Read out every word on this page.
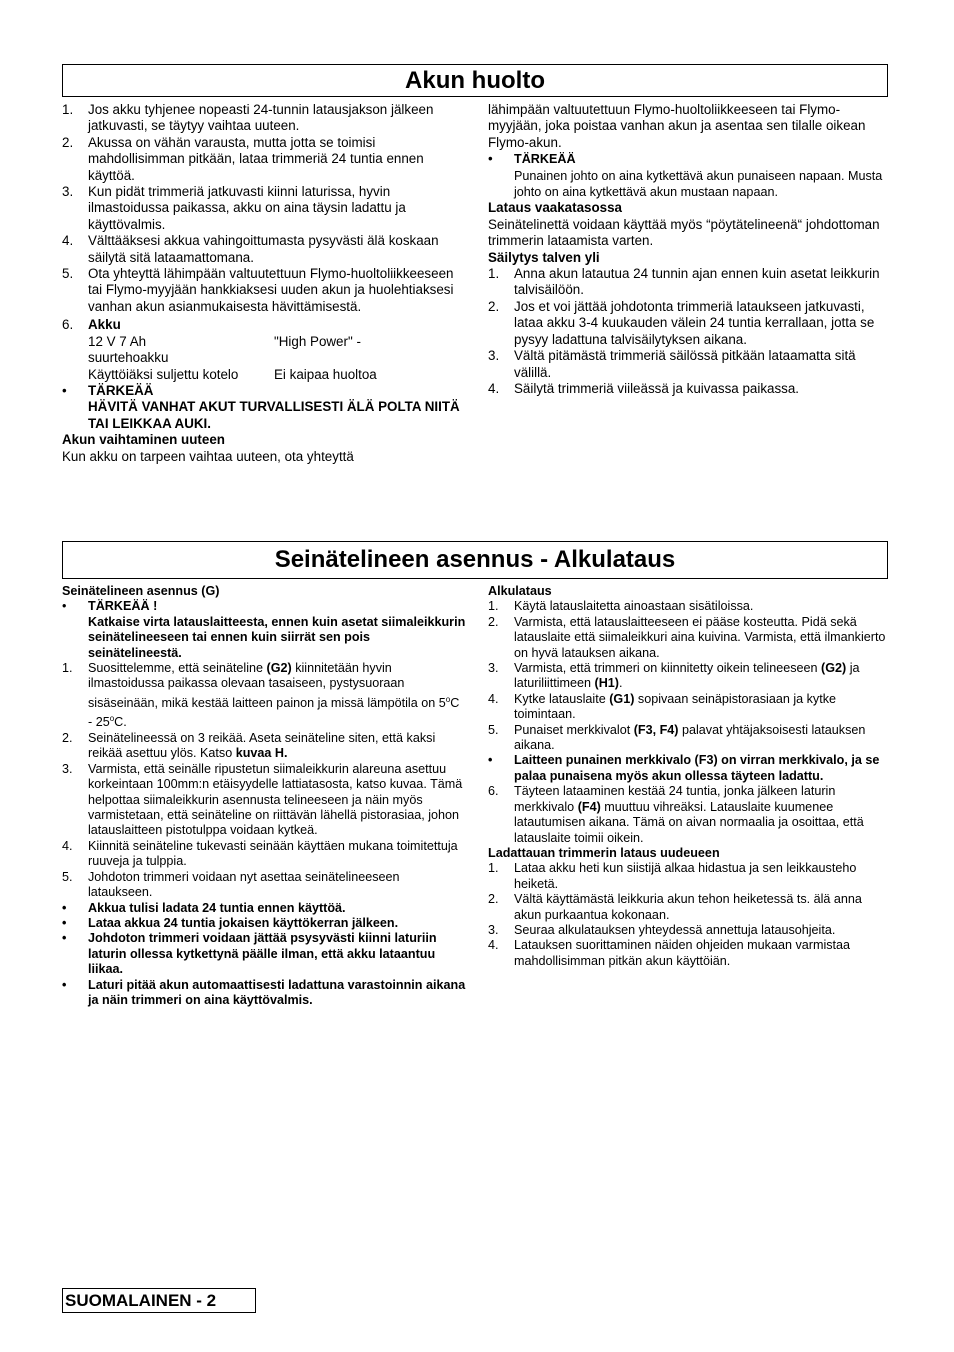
Akun huolto
1.	Jos akku tyhjenee nopeasti 24-tunnin latausjakson jälkeen jatkuvasti, se täytyy vaihtaa uuteen.
2.	Akussa on vähän varausta, mutta jotta se toimisi mahdollisimman pitkään, lataa trimmeriä 24 tuntia ennen käyttöä.
3.	Kun pidät trimmeriä jatkuvasti kiinni laturissa, hyvin ilmastoidussa paikassa, akku on aina täysin ladattu ja käyttövalmis.
4.	Välttääksesi akkua vahingoittumasta pysyvästi älä koskaan säilytä sitä lataamattomana.
5.	Ota yhteyttä lähimpään valtuutettuun Flymo-huoltoliikkeeseen tai Flymo-myyjään hankkiaksesi uuden akun ja huolehtiaksesi vanhan akun asianmukaisesta hävittämisestä.
6.	Akku
12 V 7 Ah	"High Power" -
suurtehoakku
Käyttöiäksi suljettu kotelo	Ei kaipaa huoltoa
•	TÄRKEÄÄ
HÄVITÄ VANHAT AKUT TURVALLISESTI ÄLÄ POLTA NIITÄ TAI LEIKKAA AUKI.
Akun vaihtaminen uuteen
Kun akku on tarpeen vaihtaa uuteen, ota yhteyttä
lähimpään valtuutettuun Flymo-huoltoliikkeeseen tai Flymo-myyjään, joka poistaa vanhan akun ja asentaa sen tilalle oikean Flymo-akun.
•	TÄRKEÄÄ
Punainen johto on aina kytkettävä akun punaiseen napaan. Musta johto on aina kytkettävä akun mustaan napaan.
Lataus vaakatasossa
Seinätelinettä voidaan käyttää myös “pöytätelineenä“ johdottoman trimmerin lataamista varten.
Säilytys talven yli
1.	Anna akun latautua 24 tunnin ajan ennen kuin asetat leikkurin talvisäilöön.
2.	Jos et voi jättää johdotonta trimmeriä lataukseen jatkuvasti, lataa akku 3-4 kuukauden välein 24 tuntia kerrallaan, jotta se pysyy ladattuna talvisäilytyksen aikana.
3.	Vältä pitämästä trimmeriä säilössä pitkään lataamatta sitä välillä.
4.	Säilytä trimmeriä viileässä ja kuivassa paikassa.
Seinätelineen asennus - Alkulataus
Seinätelineen asennus (G)
•	TÄRKEÄÄ !
Katkaise virta latauslaitteesta, ennen kuin asetat siimaleikkurin seinätelineeseen tai ennen kuin siirrät sen pois seinätelineestä.
1.	Suosittelemme, että seinäteline (G2) kiinnitetään hyvin ilmastoidussa paikassa olevaan tasaiseen, pystysuoraan sisäseinään, mikä kestää laitteen painon ja missä lämpötila on 5$^o$C - 25$^o$C.
2.	Seinätelineessä on 3 reikää. Aseta seinäteline siten, että kaksi reikää asettuu ylös. Katso kuvaa H.
3.	Varmista, että seinälle ripustetun siimaleikkurin alareuna asettuu korkeintaan 100mm:n etäisyydelle lattiatasosta, katso kuvaa. Tämä helpottaa siimaleikkurin asennusta telineeseen ja näin myös varmistetaan, että seinäteline on riittävän lähellä pistorasiaa, johon latauslaitteen pistotulppa voidaan kytkeä.
4.	Kiinnitä seinäteline tukevasti seinään käyttäen mukana toimitettuja ruuveja ja tulppia.
5.	Johdoton trimmeri voidaan nyt asettaa seinätelineeseen lataukseen.
•	Akkua tulisi ladata 24 tuntia ennen käyttöä.
•	Lataa akkua 24 tuntia jokaisen käyttökerran jälkeen.
•	Johdoton trimmeri voidaan jättää psysyvästi kiinni laturiin laturin ollessa kytkettynä päälle ilman, että akku lataantuu liikaa.
•	Laturi pitää akun automaattisesti ladattuna varastoinnin aikana ja näin trimmeri on aina käyttövalmis.
Alkulataus
1.	Käytä latauslaitetta ainoastaan sisätiloissa.
2.	Varmista, että latauslaitteeseen ei pääse kosteutta. Pidä sekä latauslaite että siimaleikkuri aina kuivina. Varmista, että ilmankierto on hyvä latauksen aikana.
3.	Varmista, että trimmeri on kiinnitetty oikein telineeseen (G2) ja laturiliittimeen (H1).
4.	Kytke latauslaite (G1) sopivaan seinäpistorasiaan ja kytke toimintaan.
5.	Punaiset merkkivalot (F3, F4) palavat yhtäjaksoisesti latauksen aikana.
•	Laitteen punainen merkkivalo (F3) on virran merkkivalo, ja se palaa punaisena myös akun ollessa täyteen ladattu.
6.	Täyteen lataaminen kestää 24 tuntia, jonka jälkeen laturin merkkivalo (F4) muuttuu vihreäksi. Latauslaite kuumenee latautumisen aikana. Tämä on aivan normaalia ja osoittaa, että latauslaite toimii oikein.
Ladattauan trimmerin lataus uudeueen
1.	Lataa akku heti kun siistijä alkaa hidastua ja sen leikkausteho heiketä.
2.	Vältä käyttämästä leikkuria akun tehon heiketessä ts. älä anna akun purkaantua kokonaan.
3.	Seuraa alkulatauksen yhteydessä annettuja latausohjeita.
4.	Latauksen suorittaminen näiden ohjeiden mukaan varmistaa mahdollisimman pitkän akun käyttöiän.
SUOMALAINEN - 2
